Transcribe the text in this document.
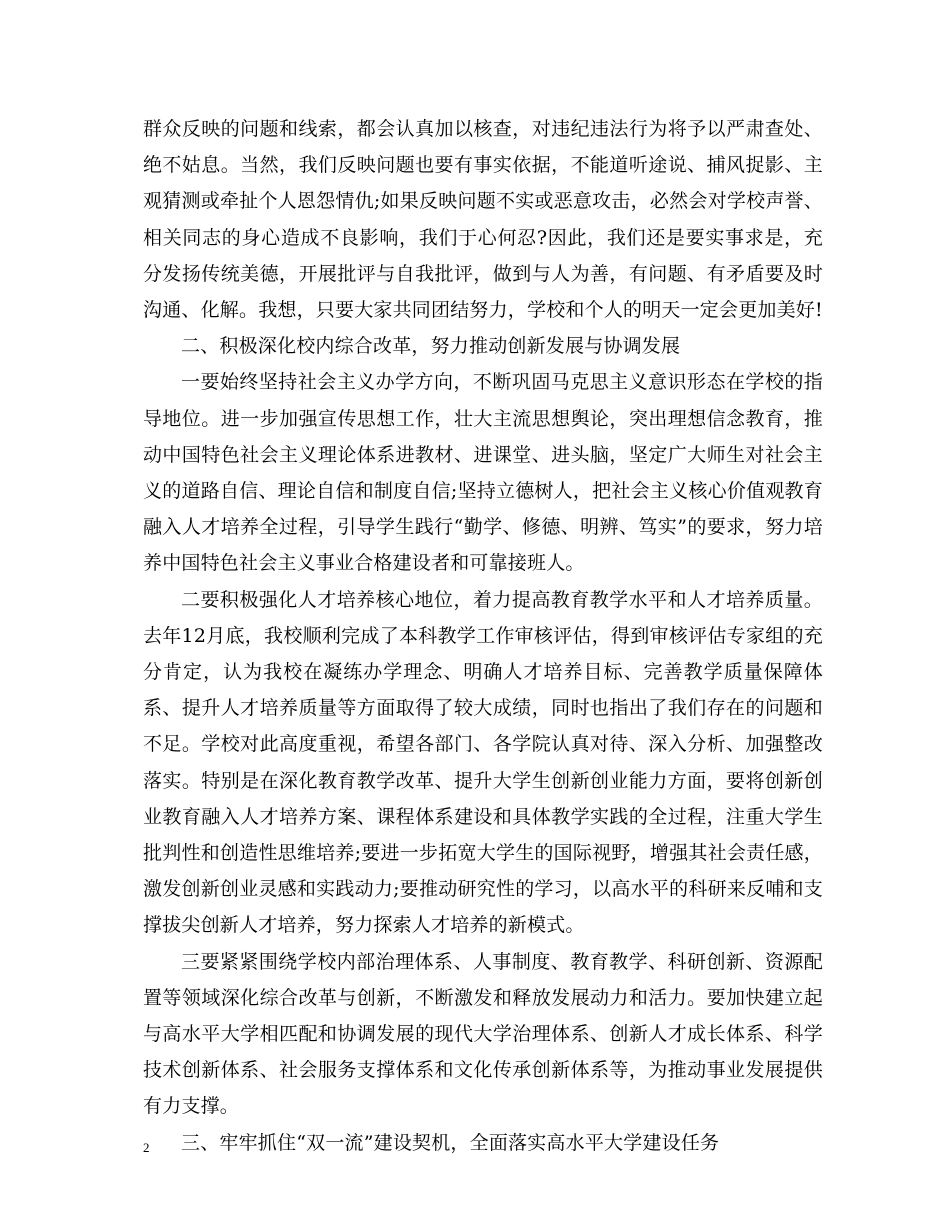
群众反映的问题和线索，都会认真加以核查，对违纪违法行为将予以严肃查处、绝不姑息。当然，我们反映问题也要有事实依据，不能道听途说、捕风捉影、主观猜测或牵扯个人恩怨情仇;如果反映问题不实或恶意攻击，必然会对学校声誉、相关同志的身心造成不良影响，我们于心何忍?因此，我们还是要实事求是，充分发扬传统美德，开展批评与自我批评，做到与人为善，有问题、有矛盾要及时沟通、化解。我想，只要大家共同团结努力，学校和个人的明天一定会更加美好!

二、积极深化校内综合改革，努力推动创新发展与协调发展

一要始终坚持社会主义办学方向，不断巩固马克思主义意识形态在学校的指导地位。进一步加强宣传思想工作，壮大主流思想舆论，突出理想信念教育，推动中国特色社会主义理论体系进教材、进课堂、进头脑，坚定广大师生对社会主义的道路自信、理论自信和制度自信;坚持立德树人，把社会主义核心价值观教育融入人才培养全过程，引导学生践行“勤学、修德、明辨、笃实”的要求，努力培养中国特色社会主义事业合格建设者和可靠接班人。

二要积极强化人才培养核心地位，着力提高教育教学水平和人才培养质量。去年12月底，我校顺利完成了本科教学工作审核评估，得到审核评估专家组的充分肯定，认为我校在凝练办学理念、明确人才培养目标、完善教学质量保障体系、提升人才培养质量等方面取得了较大成绩，同时也指出了我们存在的问题和不足。学校对此高度重视，希望各部门、各学院认真对待、深入分析、加强整改落实。特别是在深化教育教学改革、提升大学生创新创业能力方面，要将创新创业教育融入人才培养方案、课程体系建设和具体教学实践的全过程，注重大学生批判性和创造性思维培养;要进一步拓宽大学生的国际视野，增强其社会责任感，激发创新创业灵感和实践动力;要推动研究性的学习，以高水平的科研来反哺和支撑拔尖创新人才培养，努力探索人才培养的新模式。

三要紧紧围绕学校内部治理体系、人事制度、教育教学、科研创新、资源配置等领域深化综合改革与创新，不断激发和释放发展动力和活力。要加快建立起与高水平大学相匹配和协调发展的现代大学治理体系、创新人才成长体系、科学技术创新体系、社会服务支撑体系和文化传承创新体系等，为推动事业发展提供有力支撑。

三、牢牢抓住“双一流”建设契机，全面落实高水平大学建设任务

2
